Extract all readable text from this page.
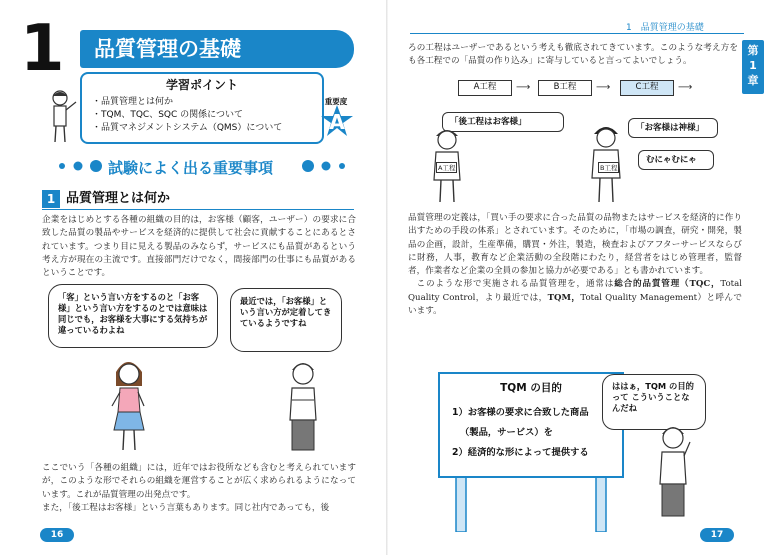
1	品質管理の基礎
学習ポイント
・品質管理とは何か
・TQM、TQC、SQC の関係について
・品質マネジメントシステム（QMS）について
重要度
A
試験によく出る重要事項
1 品質管理とは何か
企業をはじめとする各種の組織の目的は，お客様（顧客，ユーザー）の要求に合致した品質の製品やサービスを経済的に提供して社会に貢献することにあるとされています。つまり目に見える製品のみならず，サービスにも品質があるという考え方が現在の主流です。直接部門だけでなく，間接部門の仕事にも品質があるということです。
「客」という言い方をするのと「お客様」という言い方をするのとでは意味は同じでも，お客様を大事にする気持ちが違っているわよね
最近では，「お客様」という言い方が定着してきているようですね
ここでいう「各種の組織」には，近年ではお役所なども含むと考えられていますが，このような形でそれらの組織を運営することが広く求められるようになっています。これが品質管理の出発点です。
また，「後工程はお客様」という言葉もあります。同じ社内であっても，後
16
1　品質管理の基礎
第
1
章
ろの工程はユーザーであるという考えも徹底されてきています。このような考え方をも各工程での「品質の作り込み」に寄与していると言ってよいでしょう。
A工程	⟶	B工程	⟶	C工程	⟶
「後工程はお客様」
「お客様は神様」
むにゃむにゃ
A工程	B工程
品質管理の定義は，「買い手の要求に合った品質の品物またはサービスを経済的に作り出すための手段の体系」とされています。そのために，「市場の調査，研究・開発，製品の企画，設計，生産準備，購買・外注，製造，検査およびアフターサービスならびに財務，人事，教育など企業活動の全段階にわたり，経営者をはじめ管理者，監督者，作業者など企業の全員の参加と協力が必要である」とも書かれています。
このような形で実施される品質管理を，通常は総合的品質管理（TQC，Total Quality Control，より最近では，TQM，Total Quality Management）と呼んでいます。
TQM の目的
1）お客様の要求に合致した商品
（製品，サービス）を
2）経済的な形によって提供する
ははぁ，TQM の目的って こういうことなんだね
17
